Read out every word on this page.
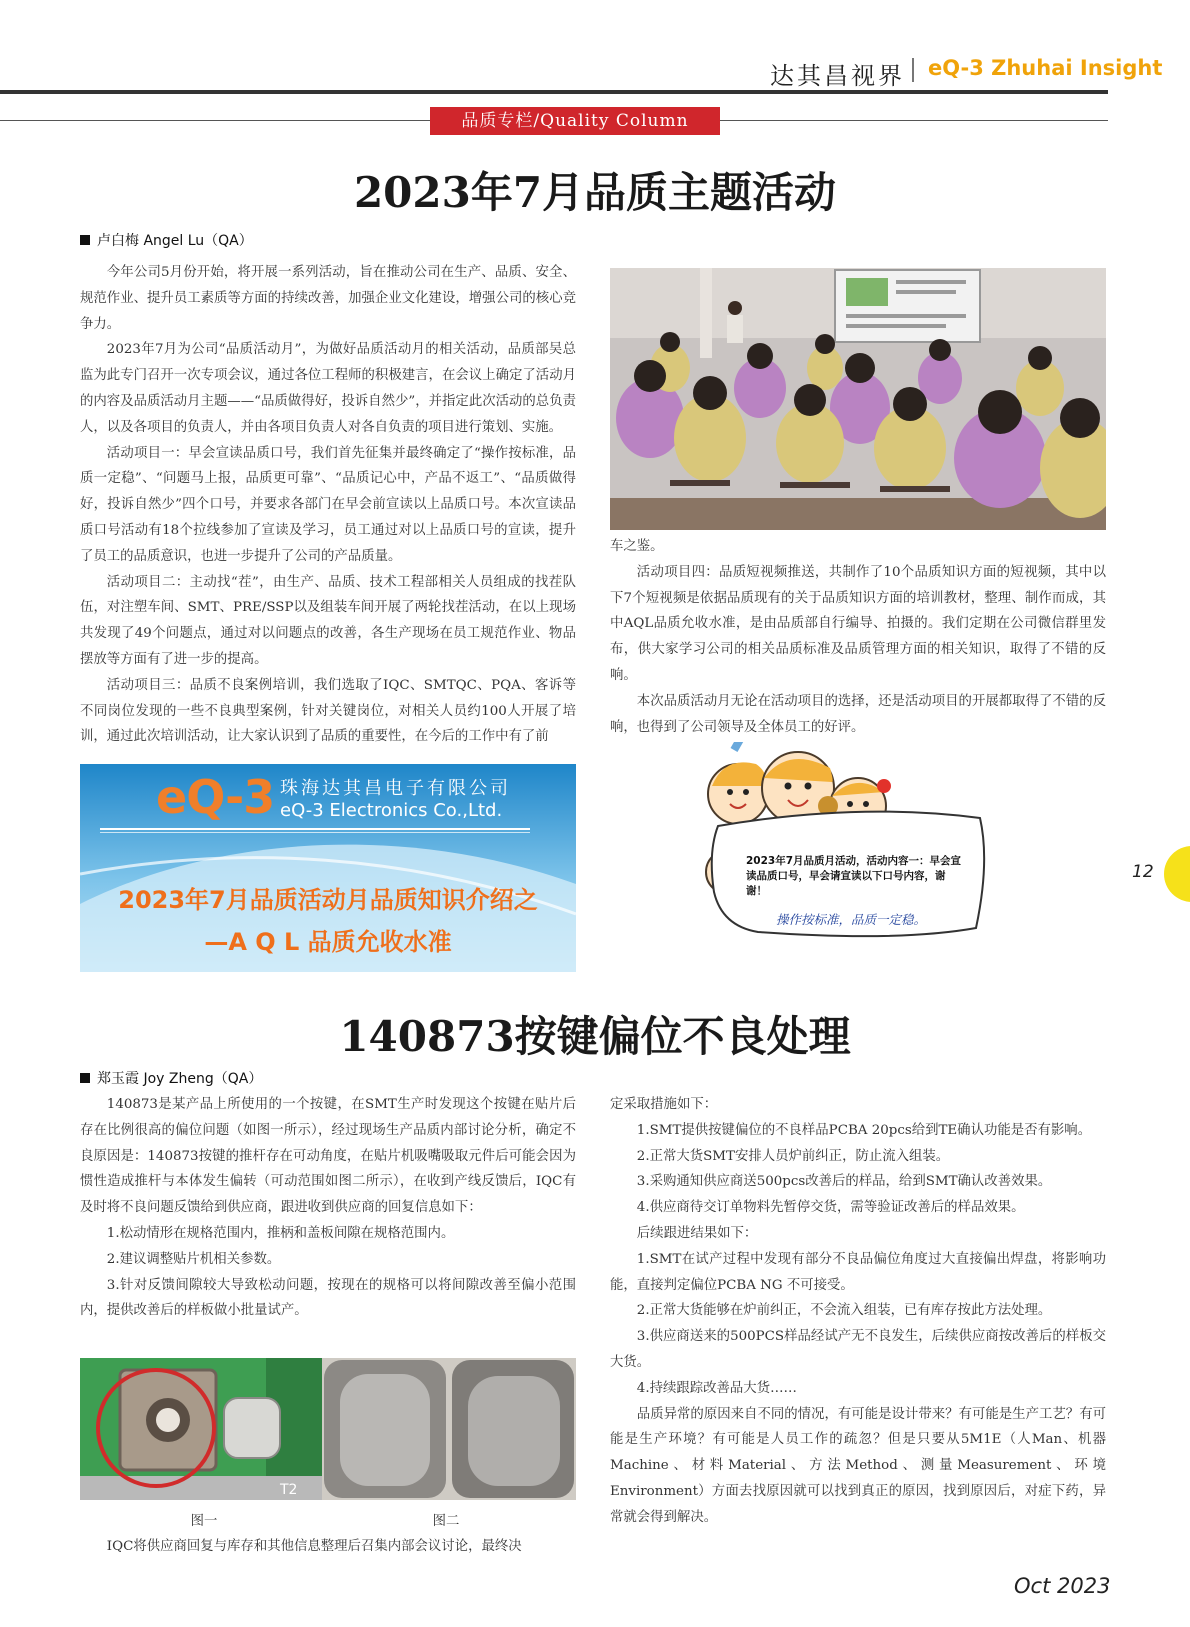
达其昌视界 eQ-3 Zhuhai Insight
品质专栏/Quality Column
2023年7月品质主题活动
卢白梅 Angel Lu（QA）

今年公司5月份开始，将开展一系列活动，旨在推动公司在生产、品质、安全、规范作业、提升员工素质等方面的持续改善，加强企业文化建设，增强公司的核心竞争力。

2023年7月为公司“品质活动月”，为做好品质活动月的相关活动，品质部吴总监为此专门召开一次专项会议，通过各位工程师的积极建言，在会议上确定了活动月的内容及品质活动月主题——“品质做得好，投诉自然少”，并指定此次活动的总负责人，以及各项目的负责人，并由各项目负责人对各自负责的项目进行策划、实施。

活动项目一：早会宣读品质口号，我们首先征集并最终确定了“操作按标准，品质一定稳”、“问题马上报，品质更可靠”、“品质记心中，产品不返工”、“品质做得好，投诉自然少”四个口号，并要求各部门在早会前宣读以上品质口号。本次宣读品质口号活动有18个拉线参加了宣读及学习，员工通过对以上品质口号的宣读，提升了员工的品质意识，也进一步提升了公司的产品质量。

活动项目二：主动找“茬”，由生产、品质、技术工程部相关人员组成的找茬队伍，对注塑车间、SMT、PRE/SSP以及组装车间开展了两轮找茬活动，在以上现场共发现了49个问题点，通过对以问题点的改善，各生产现场在员工规范作业、物品摆放等方面有了进一步的提高。

活动项目三：品质不良案例培训，我们选取了IQC、SMTQC、PQA、客诉等不同岗位发现的一些不良典型案例，针对关键岗位，对相关人员约100人开展了培训，通过此次培训活动，让大家认识到了品质的重要性，在今后的工作中有了前

车之鉴。

活动项目四：品质短视频推送，共制作了10个品质知识方面的短视频，其中以下7个短视频是依据品质现有的关于品质知识方面的培训教材，整理、制作而成，其中AQL品质允收水准，是由品质部自行编导、拍摄的。我们定期在公司微信群里发布，供大家学习公司的相关品质标准及品质管理方面的相关知识，取得了不错的反响。

本次品质活动月无论在活动项目的选择，还是活动项目的开展都取得了不错的反响，也得到了公司领导及全体员工的好评。

eQ-3 珠海达其昌电子有限公司
eQ-3 Electronics Co.,Ltd.
2023年7月品质活动月品质知识介绍之
—A Q L 品质允收水准
2023年7月品质月活动，活动内容一：早会宣读品质口号，早会请宣读以下口号内容，谢谢！
操作按标准，品质一定稳。
12
140873按键偏位不良处理
郑玉霞 Joy Zheng（QA）

140873是某产品上所使用的一个按键，在SMT生产时发现这个按键在贴片后存在比例很高的偏位问题（如图一所示），经过现场生产品质内部讨论分析，确定不良原因是：140873按键的推杆存在可动角度，在贴片机吸嘴吸取元件后可能会因为惯性造成推杆与本体发生偏转（可动范围如图二所示），在收到产线反馈后，IQC有及时将不良问题反馈给到供应商，跟进收到供应商的回复信息如下：

1.松动情形在规格范围内，推柄和盖板间隙在规格范围内。

2.建议调整贴片机相关参数。

3.针对反馈间隙较大导致松动问题，按现在的规格可以将间隙改善至偏小范围内，提供改善后的样板做小批量试产。

T2
图一	图二

IQC将供应商回复与库存和其他信息整理后召集内部会议讨论，最终决

定采取措施如下：

1.SMT提供按键偏位的不良样品PCBA 20pcs给到TE确认功能是否有影响。

2.正常大货SMT安排人员炉前纠正，防止流入组装。

3.采购通知供应商送500pcs改善后的样品，给到SMT确认改善效果。

4.供应商待交订单物料先暂停交货，需等验证改善后的样品效果。

后续跟进结果如下：

1.SMT在试产过程中发现有部分不良品偏位角度过大直接偏出焊盘，将影响功能，直接判定偏位PCBA NG 不可接受。

2.正常大货能够在炉前纠正，不会流入组装，已有库存按此方法处理。

3.供应商送来的500PCS样品经试产无不良发生，后续供应商按改善后的样板交大货。

4.持续跟踪改善品大货……

品质异常的原因来自不同的情况，有可能是设计带来？有可能是生产工艺？有可能是生产环境？有可能是人员工作的疏忽？但是只要从5M1E（人Man、机器Machine、材料Material、方法Method、测量Measurement、环境Environment）方面去找原因就可以找到真正的原因，找到原因后，对症下药，异常就会得到解决。

Oct 2023
